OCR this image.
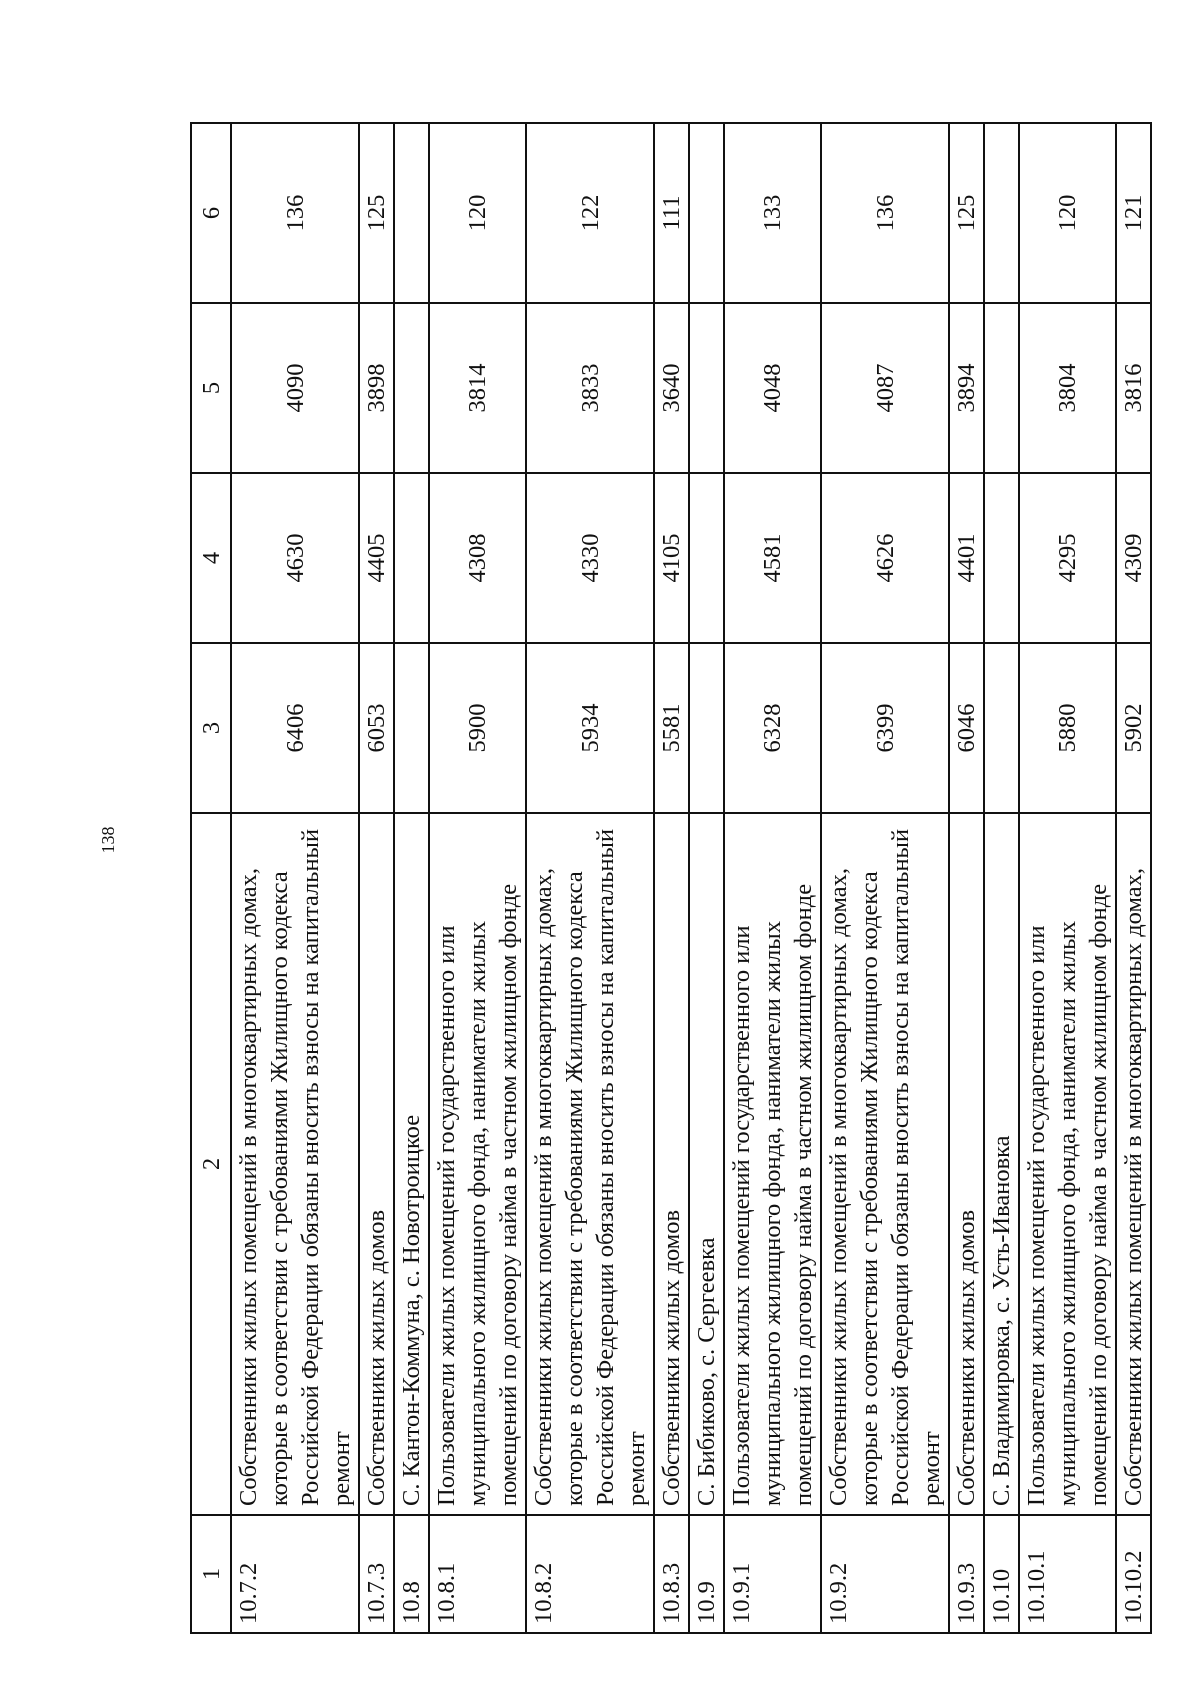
138
1	2	3	4	5	6
10.7.2	Собственники жилых помещений в многоквартирных домах, которые в соответствии с требованиями Жилищного кодекса Российской Федерации обязаны вносить взносы на капитальный ремонт	6406	4630	4090	136
10.7.3	Собственники жилых домов	6053	4405	3898	125
10.8	С. Кантон-Коммуна, с. Новотроицкое				
10.8.1	Пользователи жилых помещений государственного или муниципального жилищного фонда, наниматели жилых помещений по договору найма в частном жилищном фонде	5900	4308	3814	120
10.8.2	Собственники жилых помещений в многоквартирных домах, которые в соответствии с требованиями Жилищного кодекса Российской Федерации обязаны вносить взносы на капитальный ремонт	5934	4330	3833	122
10.8.3	Собственники жилых домов	5581	4105	3640	111
10.9	С. Бибиково, с. Сергеевка				
10.9.1	Пользователи жилых помещений государственного или муниципального жилищного фонда, наниматели жилых помещений по договору найма в частном жилищном фонде	6328	4581	4048	133
10.9.2	Собственники жилых помещений в многоквартирных домах, которые в соответствии с требованиями Жилищного кодекса Российской Федерации обязаны вносить взносы на капитальный ремонт	6399	4626	4087	136
10.9.3	Собственники жилых домов	6046	4401	3894	125
10.10	С. Владимировка, с. Усть-Ивановка				
10.10.1	Пользователи жилых помещений государственного или муниципального жилищного фонда, наниматели жилых помещений по договору найма в частном жилищном фонде	5880	4295	3804	120
10.10.2	Собственники жилых помещений в многоквартирных домах,	5902	4309	3816	121
